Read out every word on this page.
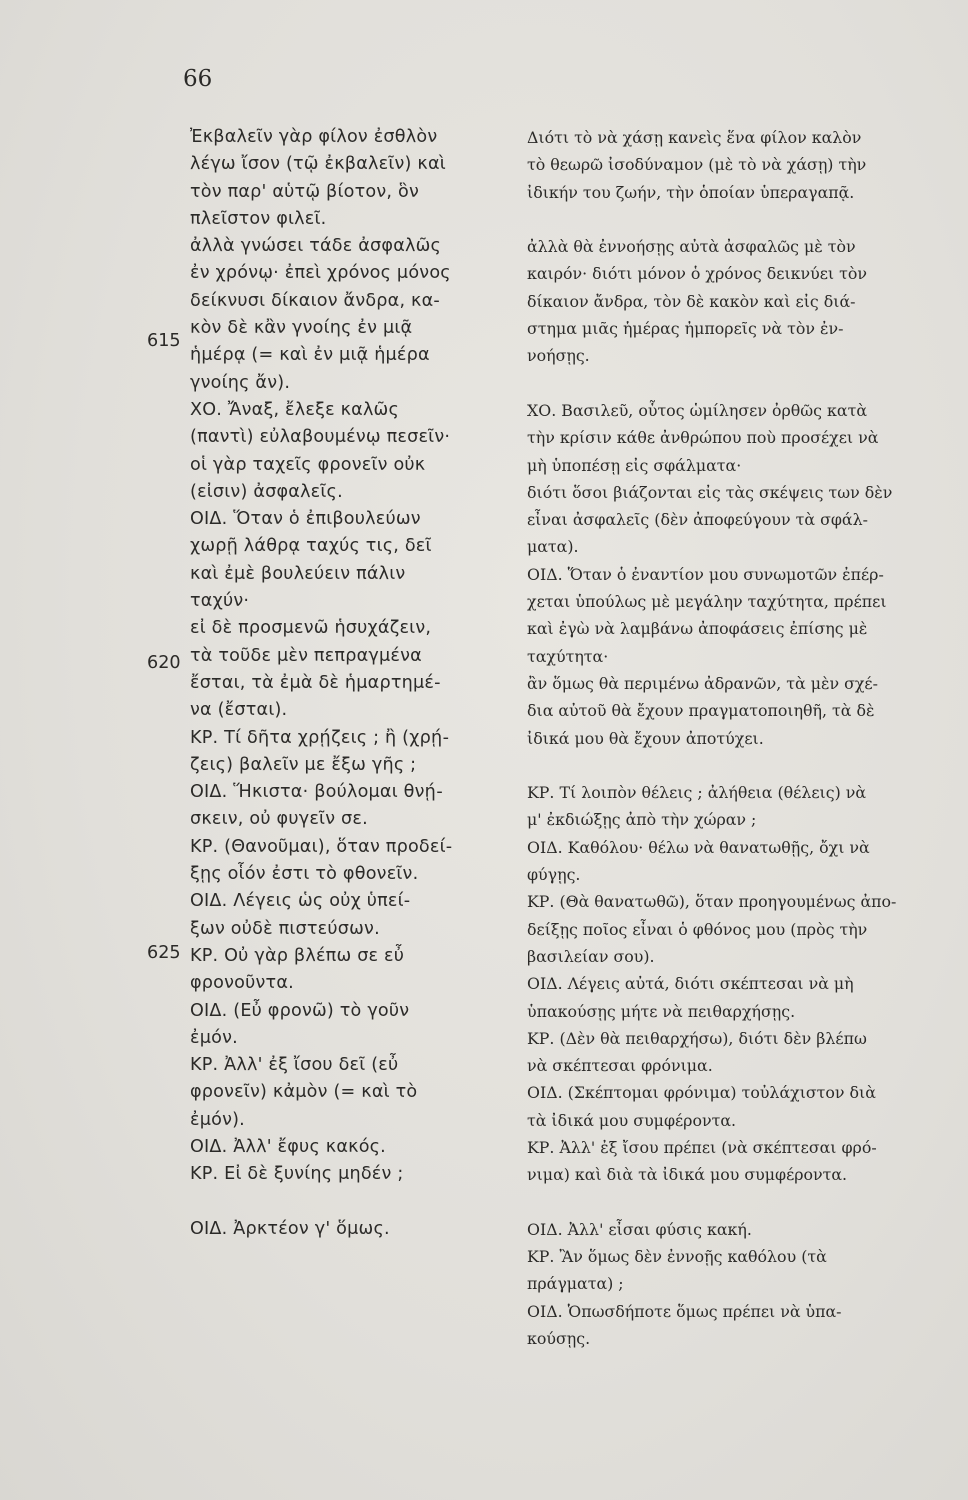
66
615
620
625
Ἐκβαλεῖν γὰρ φίλον ἐσθλὸν
λέγω ἴσον (τῷ ἐκβαλεῖν) καὶ
τὸν παρ' αὑτῷ βίοτον, ὃν
πλεῖστον φιλεῖ.
ἀλλὰ γνώσει τάδε ἀσφαλῶς
ἐν χρόνῳ· ἐπεὶ χρόνος μόνος
δείκνυσι δίκαιον ἄνδρα, κα-
κὸν δὲ κἂν γνοίης ἐν μιᾷ
ἡμέρᾳ (= καὶ ἐν μιᾷ ἡμέρα
γνοίης ἄν).
ΧΟ. Ἄναξ, ἔλεξε καλῶς
(παντὶ) εὐλαβουμένῳ πεσεῖν·
οἱ γὰρ ταχεῖς φρονεῖν οὐκ
(εἰσιν) ἀσφαλεῖς.
ΟΙΔ. Ὅταν ὁ ἐπιβουλεύων
χωρῇ λάθρᾳ ταχύς τις, δεῖ
καὶ ἐμὲ βουλεύειν πάλιν
ταχύν·
εἰ δὲ προσμενῶ ἡσυχάζειν,
τὰ τοῦδε μὲν πεπραγμένα
ἔσται, τὰ ἐμὰ δὲ ἡμαρτημέ-
να (ἔσται).
ΚΡ. Τί δῆτα χρῄζεις ; ἢ (χρῄ-
ζεις) βαλεῖν με ἔξω γῆς ;
ΟΙΔ. Ἥκιστα· βούλομαι θνῄ-
σκειν, οὐ φυγεῖν σε.
ΚΡ. (Θανοῦμαι), ὅταν προδεί-
ξῃς οἷόν ἐστι τὸ φθονεῖν.
ΟΙΔ. Λέγεις ὡς οὐχ ὑπεί-
ξων οὐδὲ πιστεύσων.
ΚΡ. Οὐ γὰρ βλέπω σε εὖ
φρονοῦντα.
ΟΙΔ. (Εὖ φρονῶ) τὸ γοῦν
ἐμόν.
ΚΡ. Ἀλλ' ἐξ ἴσου δεῖ (εὖ
φρονεῖν) κἀμὸν (= καὶ τὸ
ἐμόν).
ΟΙΔ. Ἀλλ' ἔφυς κακός.
ΚΡ. Εἰ δὲ ξυνίης μηδέν ;
ΟΙΔ. Ἀρκτέον γ' ὅμως.
Διότι τὸ νὰ χάσῃ κανεὶς ἕνα φίλον καλὸν
τὸ θεωρῶ ἰσοδύναμον (μὲ τὸ νὰ χάσῃ) τὴν
ἰδικήν του ζωήν, τὴν ὁποίαν ὑπεραγαπᾷ.
ἀλλὰ θὰ ἐννοήσῃς αὐτὰ ἀσφαλῶς μὲ τὸν
καιρόν· διότι μόνον ὁ χρόνος δεικνύει τὸν
δίκαιον ἄνδρα, τὸν δὲ κακὸν καὶ εἰς διά-
στημα μιᾶς ἡμέρας ἠμπορεῖς νὰ τὸν ἐν-
νοήσῃς.
ΧΟ. Βασιλεῦ, οὗτος ὡμίλησεν ὀρθῶς κατὰ
τὴν κρίσιν κάθε ἀνθρώπου ποὺ προσέχει νὰ
μὴ ὑποπέσῃ εἰς σφάλματα·
διότι ὅσοι βιάζονται εἰς τὰς σκέψεις των δὲν
εἶναι ἀσφαλεῖς (δὲν ἀποφεύγουν τὰ σφάλ-
ματα).
ΟΙΔ. Ὅταν ὁ ἐναντίον μου συνωμοτῶν ἐπέρ-
χεται ὑπούλως μὲ μεγάλην ταχύτητα, πρέπει
καὶ ἐγὼ νὰ λαμβάνω ἀποφάσεις ἐπίσης μὲ
ταχύτητα·
ἂν ὅμως θὰ περιμένω ἀδρανῶν, τὰ μὲν σχέ-
δια αὐτοῦ θὰ ἔχουν πραγματοποιηθῆ, τὰ δὲ
ἰδικά μου θὰ ἔχουν ἀποτύχει.
ΚΡ. Τί λοιπὸν θέλεις ; ἀλήθεια (θέλεις) νὰ
μ' ἐκδιώξῃς ἀπὸ τὴν χώραν ;
ΟΙΔ. Καθόλου· θέλω νὰ θανατωθῇς, ὄχι νὰ
φύγῃς.
ΚΡ. (Θὰ θανατωθῶ), ὅταν προηγουμένως ἀπο-
δείξῃς ποῖος εἶναι ὁ φθόνος μου (πρὸς τὴν
βασιλείαν σου).
ΟΙΔ. Λέγεις αὐτά, διότι σκέπτεσαι νὰ μὴ
ὑπακούσῃς μήτε νὰ πειθαρχήσῃς.
ΚΡ. (Δὲν θὰ πειθαρχήσω), διότι δὲν βλέπω
νὰ σκέπτεσαι φρόνιμα.
ΟΙΔ. (Σκέπτομαι φρόνιμα) τοὐλάχιστον διὰ
τὰ ἰδικά μου συμφέροντα.
ΚΡ. Ἀλλ' ἐξ ἴσου πρέπει (νὰ σκέπτεσαι φρό-
νιμα) καὶ διὰ τὰ ἰδικά μου συμφέροντα.
ΟΙΔ. Ἀλλ' εἶσαι φύσις κακή.
ΚΡ. Ἂν ὅμως δὲν ἐννοῇς καθόλου (τὰ
πράγματα) ;
ΟΙΔ. Ὁπωσδήποτε ὅμως πρέπει νὰ ὑπα-
κούσῃς.
